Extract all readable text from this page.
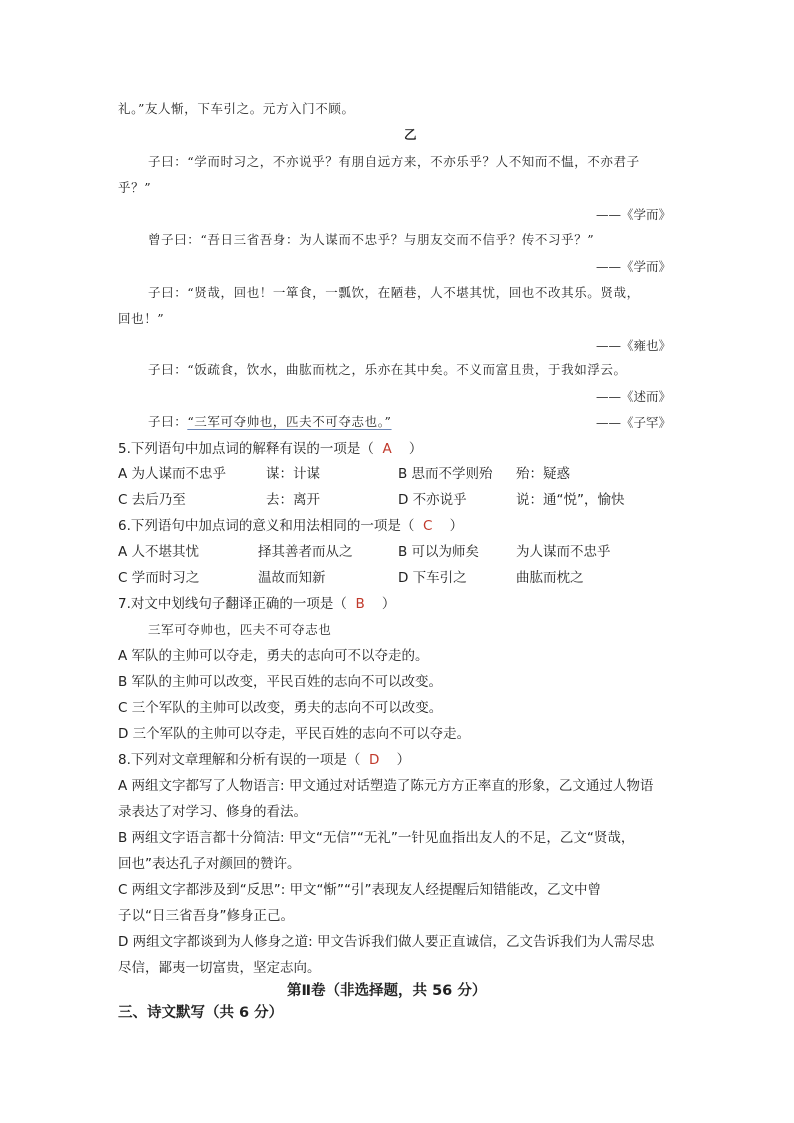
礼。”友人惭，下车引之。元方入门不顾。
乙
子曰：“学而时习之，不亦说乎？有朋自远方来，不亦乐乎？人不知而不愠，不亦君子
乎？”
——《学而》
曾子曰：“吾日三省吾身：为人谋而不忠乎？与朋友交而不信乎？传不习乎？”
——《学而》
子曰：“贤哉，回也！一箪食，一瓢饮，在陋巷，人不堪其忧，回也不改其乐。贤哉，
回也！”
——《雍也》
子曰：“饭疏食，饮水，曲肱而枕之，乐亦在其中矣。不义而富且贵，于我如浮云。
——《述而》
子曰：“三军可夺帅也，匹夫不可夺志也。”	——《子罕》
5.下列语句中加点词的解释有误的一项是（ A ）
A 为人谋而不忠乎	谋：计谋	B 思而不学则殆 殆：疑惑
C 去后乃至	去：离开	D 不亦说乎	说：通“悦”，愉快
6.下列语句中加点词的意义和用法相同的一项是（ C ）
A 人不堪其忧	择其善者而从之	B 可以为师矣	为人谋而不忠乎
C 学而时习之	温故而知新	D 下车引之	曲肱而枕之
7.对文中划线句子翻译正确的一项是（ B ）
三军可夺帅也，匹夫不可夺志也
A 军队的主帅可以夺走，勇夫的志向可不以夺走的。
B 军队的主帅可以改变，平民百姓的志向不可以改变。
C 三个军队的主帅可以改变，勇夫的志向不可以改变。
D 三个军队的主帅可以夺走，平民百姓的志向不可以夺走。
8.下列对文章理解和分析有误的一项是（ D ）
A 两组文字都写了人物语言: 甲文通过对话塑造了陈元方方正率直的形象，乙文通过人物语
录表达了对学习、修身的看法。
B 两组文字语言都十分简洁: 甲文“无信”“无礼”一针见血指出友人的不足，乙文“贤哉，
回也”表达孔子对颜回的赞许。
C 两组文字都涉及到“反思”: 甲文“惭”“引”表现友人经提醒后知错能改，乙文中曾
子以“日三省吾身”修身正己。
D 两组文字都谈到为人修身之道: 甲文告诉我们做人要正直诚信，乙文告诉我们为人需尽忠
尽信，鄙夷一切富贵，坚定志向。
第Ⅱ卷（非选择题，共 56 分）
三、诗文默写（共 6 分）
